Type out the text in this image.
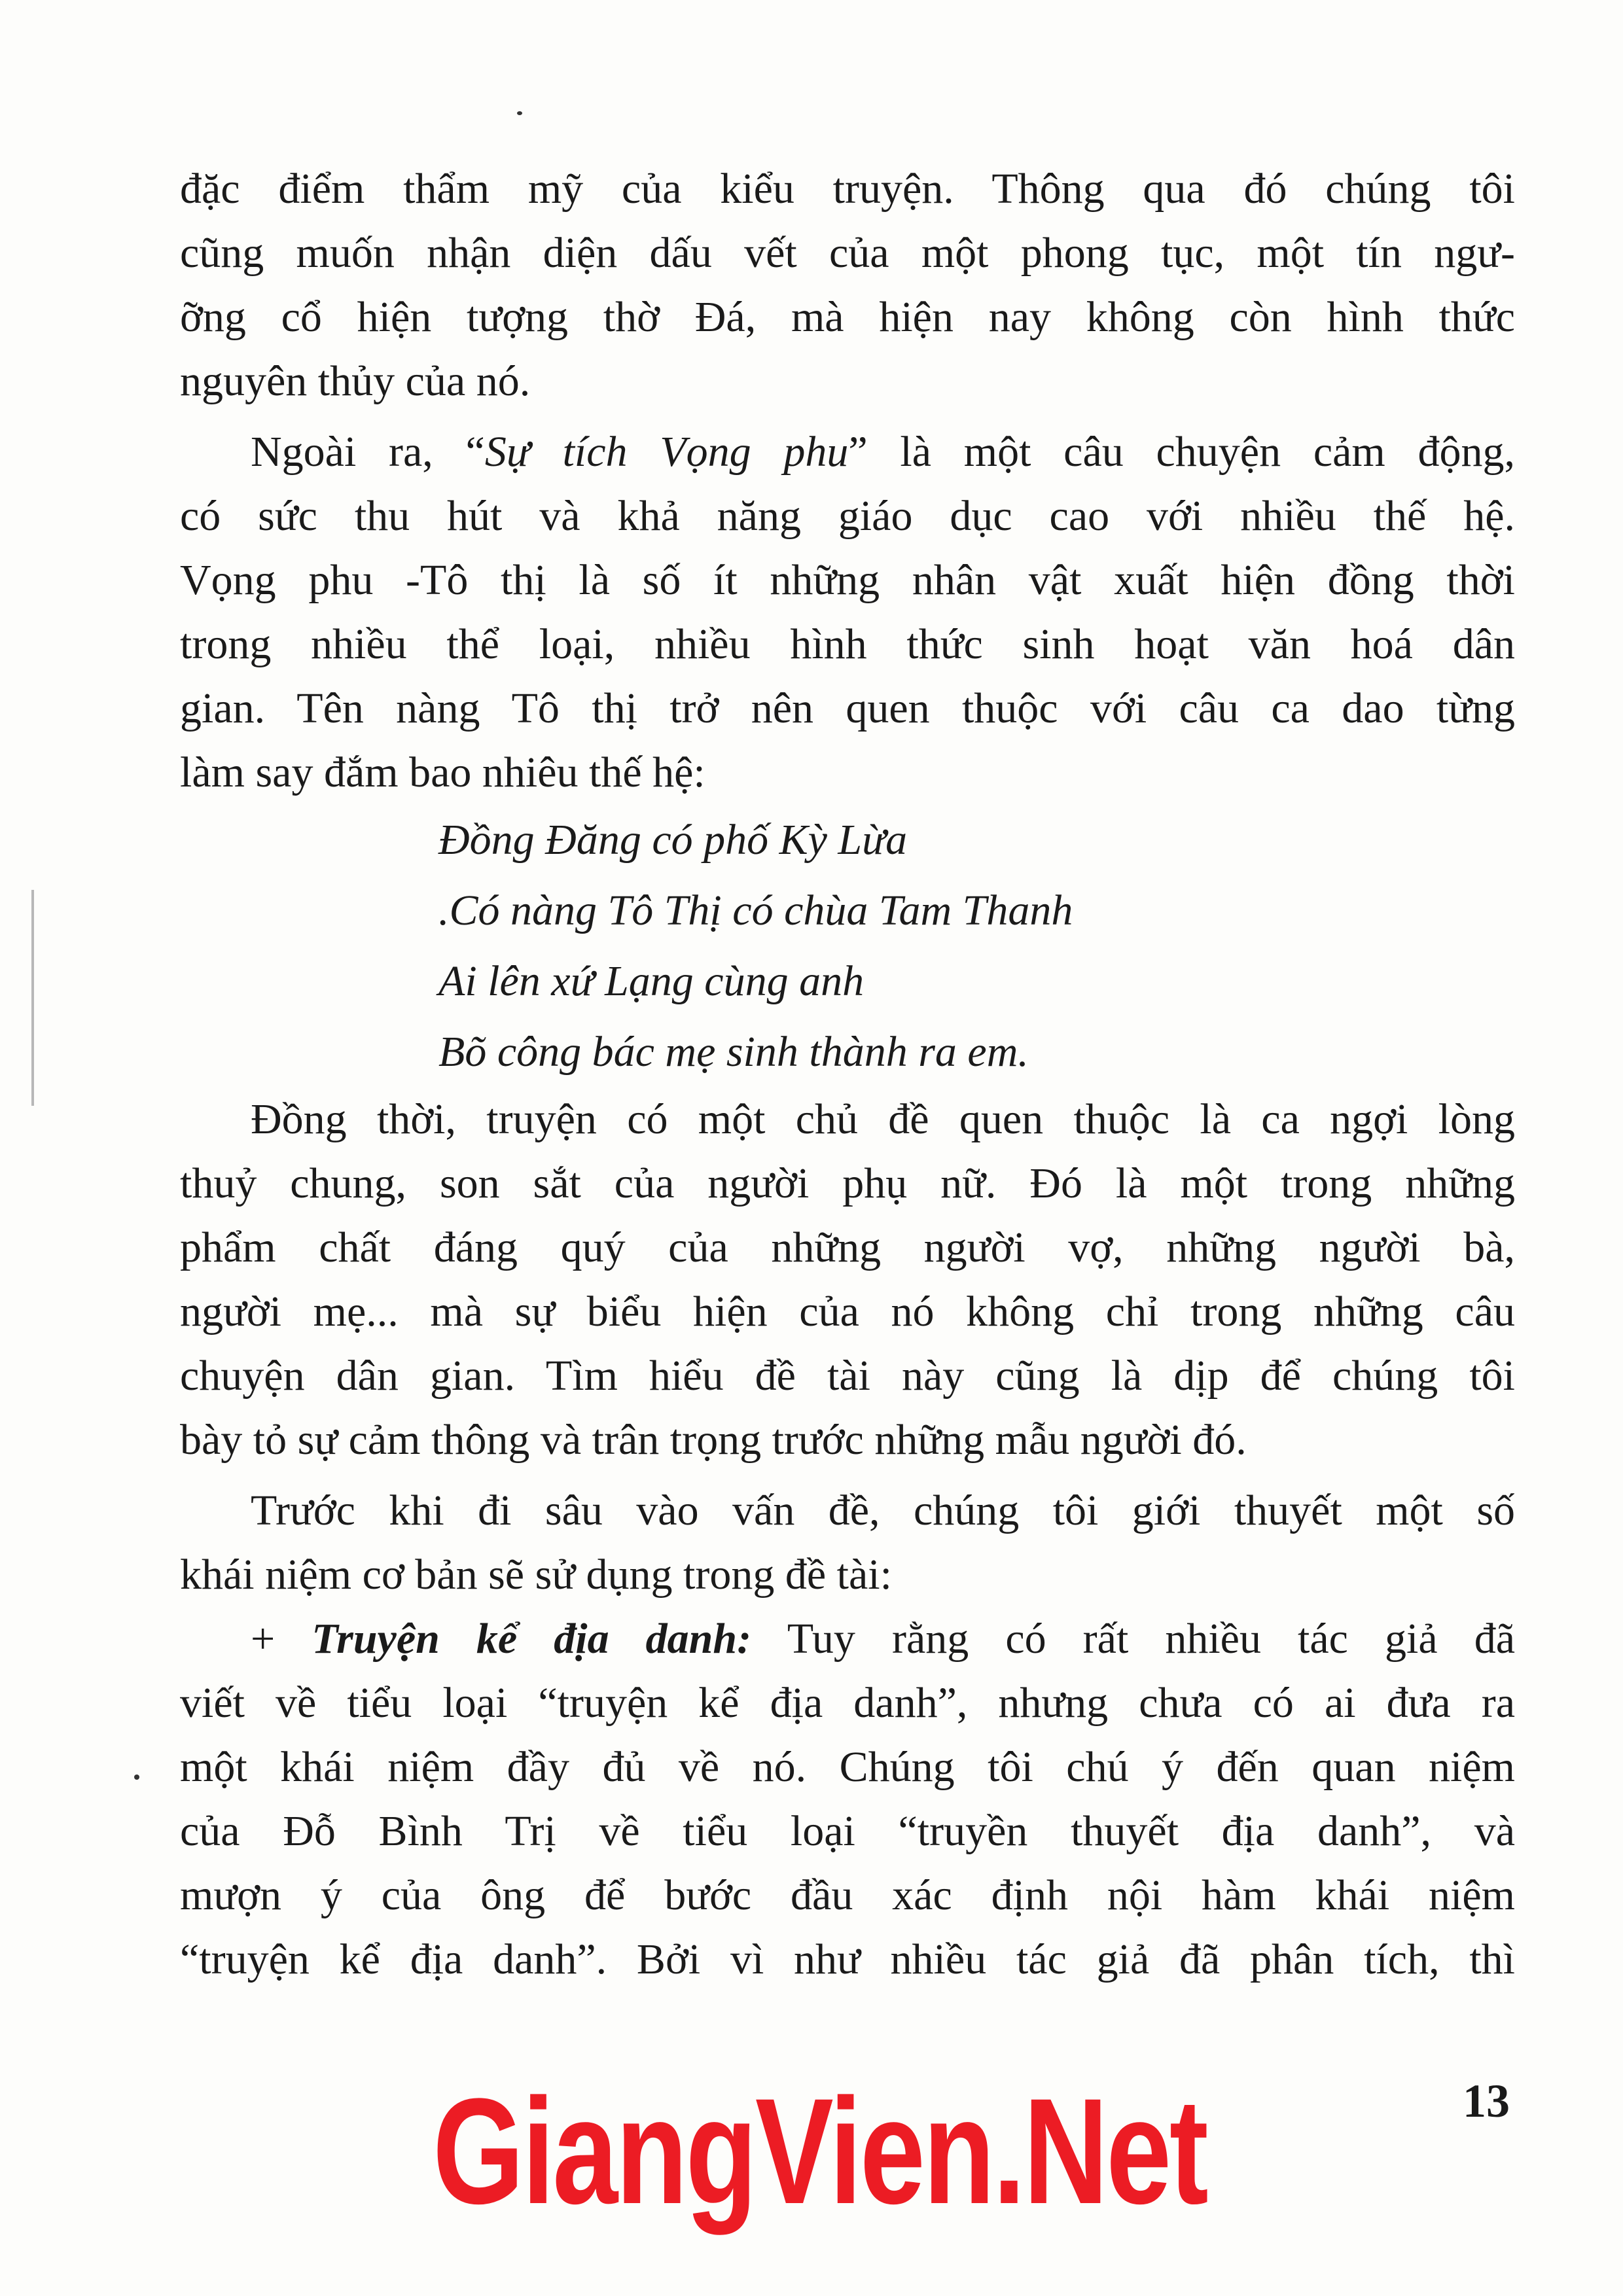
đặc điểm thẩm mỹ của kiểu truyện. Thông qua đó chúng tôi
cũng muốn nhận diện dấu vết của một phong tục, một tín ngư-
ỡng cổ hiện tượng thờ Đá, mà hiện nay không còn hình thức
nguyên thủy của nó.
Ngoài ra, “Sự tích Vọng phu” là một câu chuyện cảm động,
có sức thu hút và khả năng giáo dục cao với nhiều thế hệ.
Vọng phu -Tô thị là số ít những nhân vật xuất hiện đồng thời
trong nhiều thể loại, nhiều hình thức sinh hoạt văn hoá dân
gian. Tên nàng Tô thị trở nên quen thuộc với câu ca dao từng
làm say đắm bao nhiêu thế hệ:
Đồng Đăng có phố Kỳ Lừa
.Có nàng Tô Thị có chùa Tam Thanh
Ai lên xứ Lạng cùng anh
Bõ công bác mẹ sinh thành ra em.
Đồng thời, truyện có một chủ đề quen thuộc là ca ngợi lòng
thuỷ chung, son sắt của người phụ nữ. Đó là một trong những
phẩm chất đáng quý của những người vợ, những người bà,
người mẹ... mà sự biểu hiện của nó không chỉ trong những câu
chuyện dân gian. Tìm hiểu đề tài này cũng là dịp để chúng tôi
bày tỏ sự cảm thông và trân trọng trước những mẫu người đó.
Trước khi đi sâu vào vấn đề, chúng tôi giới thuyết một số
khái niệm cơ bản sẽ sử dụng trong đề tài:
+ Truyện kể địa danh: Tuy rằng có rất nhiều tác giả đã
viết về tiểu loại “truyện kể địa danh”, nhưng chưa có ai đưa ra
một khái niệm đầy đủ về nó. Chúng tôi chú ý đến quan niệm
của Đỗ Bình Trị về tiểu loại “truyền thuyết địa danh”, và
mượn ý của ông để bước đầu xác định nội hàm khái niệm
“truyện kể địa danh”. Bởi vì như nhiều tác giả đã phân tích, thì
GiangVien.Net	13
